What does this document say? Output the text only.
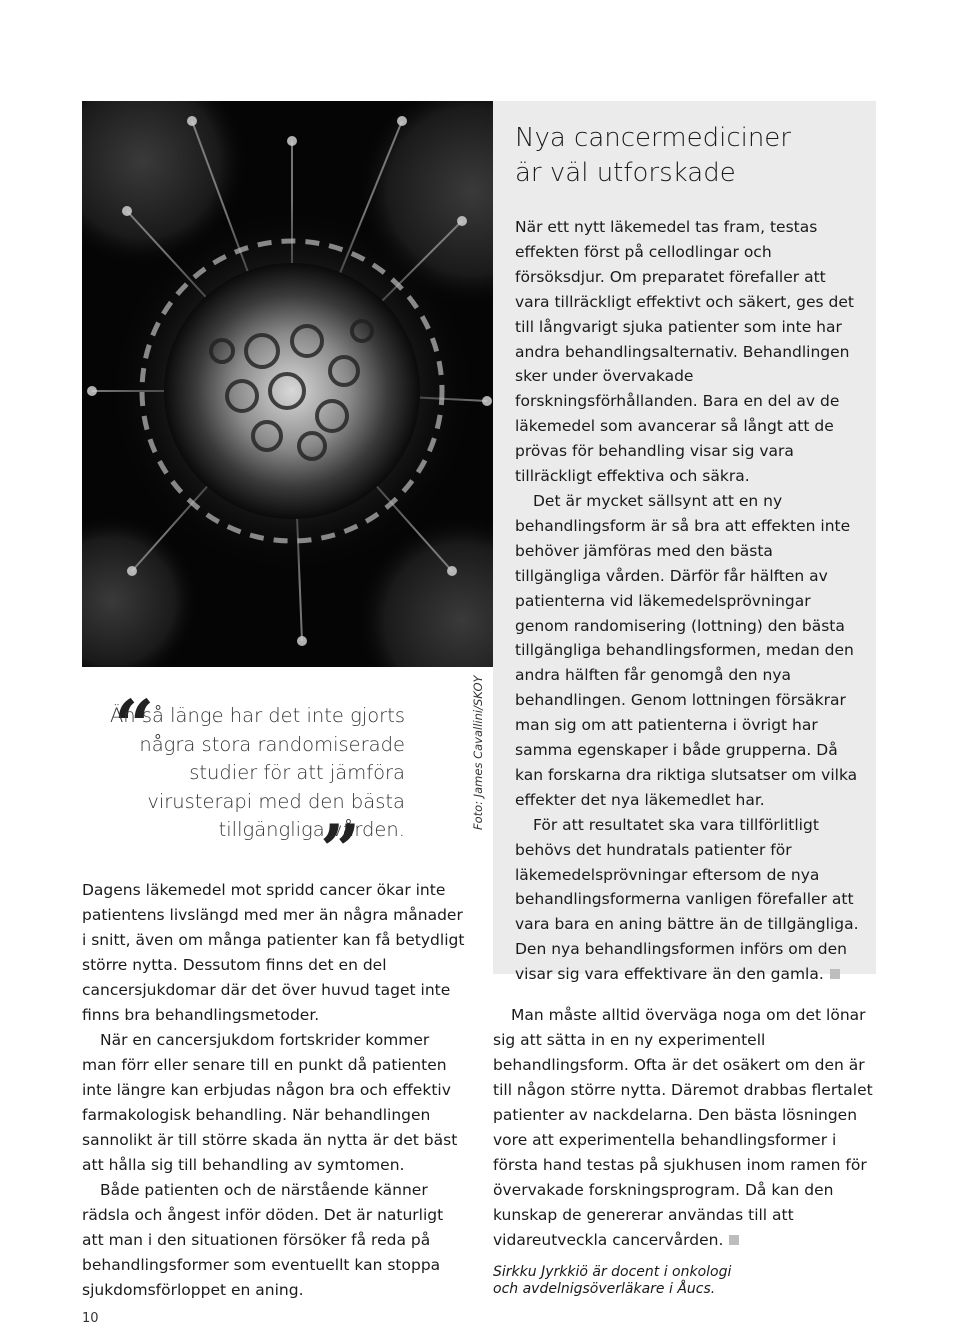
Foto: James Cavallini/SKOY
“
Än så länge har det inte gjorts några stora randomiserade studier för att jämföra virusterapi med den bästa tillgängliga vården.
”

Dagens läkemedel mot spridd cancer ökar inte patientens livslängd med mer än några månader i snitt, även om många patienter kan få betydligt större nytta. Dessutom finns det en del cancersjukdomar där det över huvud taget inte finns bra behandlingsmetoder.

När en cancersjukdom fortskrider kommer man förr eller senare till en punkt då patienten inte längre kan erbjudas någon bra och effektiv farmakologisk behandling. När behandlingen sannolikt är till större skada än nytta är det bäst att hålla sig till behandling av symtomen.

Både patienten och de närstående känner rädsla och ångest inför döden. Det är naturligt att man i den situationen försöker få reda på behandlingsformer som eventuellt kan stoppa sjukdomsförloppet en aning.

Nya cancermediciner
är väl utforskade

När ett nytt läkemedel tas fram, testas effekten först på cellodlingar och försöksdjur. Om preparatet förefaller att vara tillräckligt effektivt och säkert, ges det till långvarigt sjuka patienter som inte har andra behandlingsalternativ. Behandlingen sker under övervakade forskningsförhållanden. Bara en del av de läkemedel som avancerar så långt att de prövas för behandling visar sig vara tillräckligt effektiva och säkra.

Det är mycket sällsynt att en ny behandlingsform är så bra att effekten inte behöver jämföras med den bästa tillgängliga vården. Därför får hälften av patienterna vid läkemedelsprövningar genom randomisering (lottning) den bästa tillgängliga behandlingsformen, medan den andra hälften får genomgå den nya behandlingen. Genom lottningen försäkrar man sig om att patienterna i övrigt har samma egenskaper i både grupperna. Då kan forskarna dra riktiga slutsatser om vilka effekter det nya läkemedlet har.

För att resultatet ska vara tillförlitligt behövs det hundratals patienter för läkemedelsprövningar eftersom de nya behandlingsformerna vanligen förefaller att vara bara en aning bättre än de tillgängliga. Den nya behandlingsformen införs om den visar sig vara effektivare än den gamla.

Man måste alltid överväga noga om det lönar sig att sätta in en ny experimentell behandlingsform. Ofta är det osäkert om den är till någon större nytta. Däremot drabbas flertalet patienter av nackdelarna. Den bästa lösningen vore att experimentella behandlingsformer i första hand testas på sjukhusen inom ramen för övervakade forskningsprogram. Då kan den kunskap de genererar användas till att vidareutveckla cancervården.

Sirkku Jyrkkiö är docent i onkologi
och avdelnigsöverläkare i Åucs.
10
